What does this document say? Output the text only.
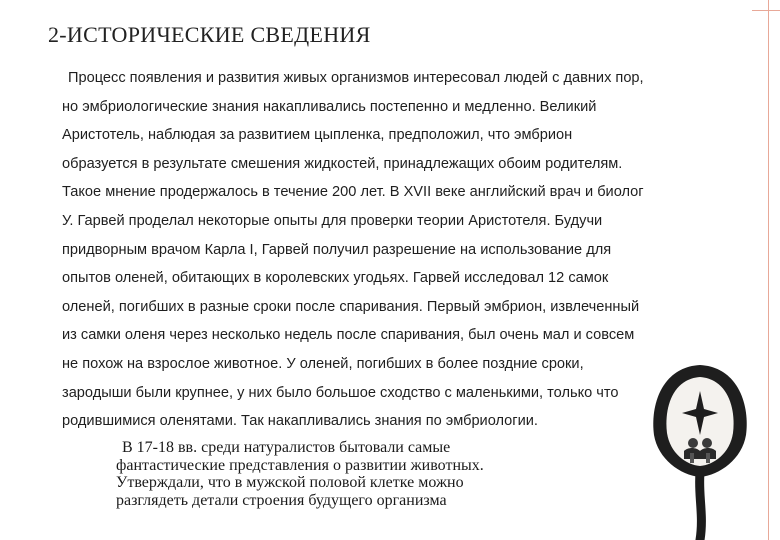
2-ИСТОРИЧЕСКИЕ СВЕДЕНИЯ
Процесс появления и развития живых организмов интересовал людей с давних пор,
но эмбриологические знания накапливались постепенно и медленно. Великий
Аристотель, наблюдая за развитием цыпленка, предположил, что эмбрион
образуется в результате смешения жидкостей, принадлежащих обоим родителям.
Такое мнение продержалось в течение 200 лет. В XVII веке английский врач и биолог
У. Гарвей проделал некоторые опыты для проверки теории Аристотеля. Будучи
придворным врачом Карла I, Гарвей получил разрешение на использование для
опытов оленей, обитающих в королевских угодьях. Гарвей исследовал 12 самок
оленей, погибших в разные сроки после спаривания. Первый эмбрион, извлеченный
из самки оленя через несколько недель после спаривания, был очень мал и совсем
не похож на взрослое животное. У оленей, погибших в более поздние сроки,
зародыши были крупнее, у них было большое сходство с маленькими, только что
родившимися оленятами. Так накапливались знания по эмбриологии.
В 17-18 вв. среди натуралистов бытовали самые
фантастические представления о развитии животных.
Утверждали, что в мужской половой клетке можно
разглядеть детали строения будущего организма
